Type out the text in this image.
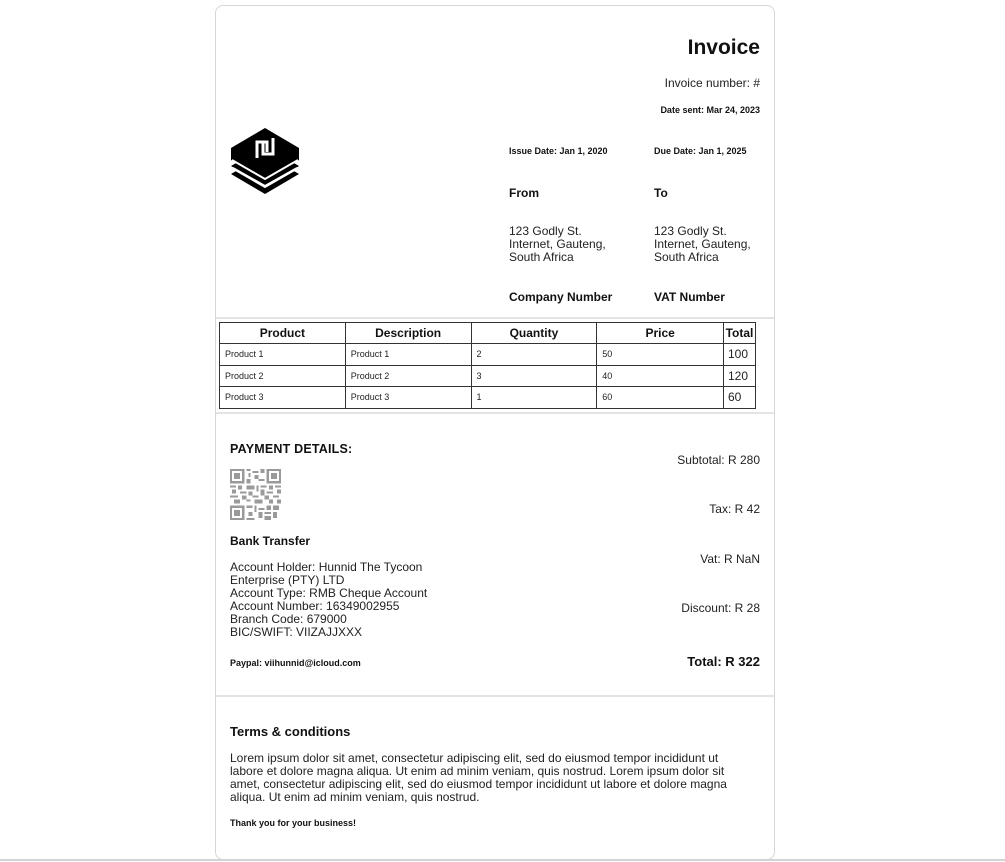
Invoice
Invoice number: #
Date sent: Mar 24, 2023
Issue Date: Jan 1, 2020	Due Date: Jan 1, 2025
From	To
123 Godly St.
Internet, Gauteng,
South Africa
123 Godly St.
Internet, Gauteng,
South Africa
Company Number	VAT Number
Product	Description	Quantity	Price	Total
Product 1	Product 1	2	50	100
Product 2	Product 2	3	40	120
Product 3	Product 3	1	60	60
PAYMENT DETAILS:
Bank Transfer
Account Holder: Hunnid The Tycoon Enterprise (PTY) LTD
Account Type: RMB Cheque Account
Account Number: 16349002955
Branch Code: 679000
BIC/SWIFT: VIIZAJJXXX
Paypal: viihunnid@icloud.com
Subtotal: R 280
Tax: R 42
Vat: R NaN
Discount: R 28
Total: R 322
Terms & conditions
Lorem ipsum dolor sit amet, consectetur adipiscing elit, sed do eiusmod tempor incididunt ut labore et dolore magna aliqua. Ut enim ad minim veniam, quis nostrud. Lorem ipsum dolor sit amet, consectetur adipiscing elit, sed do eiusmod tempor incididunt ut labore et dolore magna aliqua. Ut enim ad minim veniam, quis nostrud.
Thank you for your business!
